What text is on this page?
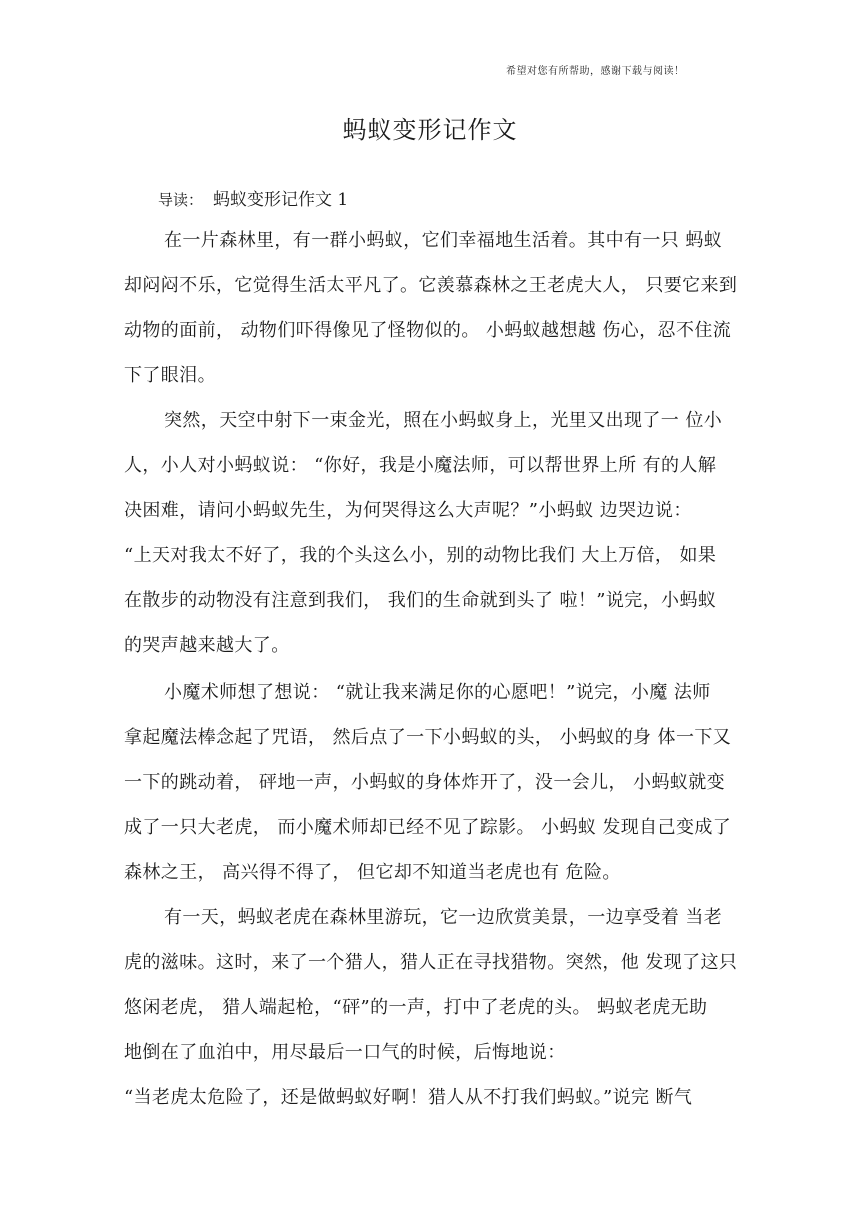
希望对您有所帮助，感谢下载与阅读！
蚂蚁变形记作文
导读： 蚂蚁变形记作文 1
在一片森林里，有一群小蚂蚁，它们幸福地生活着。其中有一只 蚂蚁
却闷闷不乐，它觉得生活太平凡了。它羡慕森林之王老虎大人， 只要它来到
动物的面前， 动物们吓得像见了怪物似的。 小蚂蚁越想越 伤心，忍不住流
下了眼泪。
突然，天空中射下一束金光，照在小蚂蚁身上，光里又出现了一 位小
人，小人对小蚂蚁说： “你好，我是小魔法师，可以帮世界上所 有的人解
决困难，请问小蚂蚁先生，为何哭得这么大声呢？”小蚂蚁 边哭边说：
“上天对我太不好了，我的个头这么小，别的动物比我们 大上万倍， 如果
在散步的动物没有注意到我们， 我们的生命就到头了 啦！”说完，小蚂蚁
的哭声越来越大了。
小魔术师想了想说： “就让我来满足你的心愿吧！”说完，小魔 法师
拿起魔法棒念起了咒语， 然后点了一下小蚂蚁的头， 小蚂蚁的身 体一下又
一下的跳动着， 砰地一声，小蚂蚁的身体炸开了，没一会儿， 小蚂蚁就变
成了一只大老虎， 而小魔术师却已经不见了踪影。 小蚂蚁 发现自己变成了
森林之王， 高兴得不得了， 但它却不知道当老虎也有 危险。
有一天，蚂蚁老虎在森林里游玩，它一边欣赏美景，一边享受着 当老
虎的滋味。这时，来了一个猎人，猎人正在寻找猎物。突然，他 发现了这只
悠闲老虎， 猎人端起枪，“砰”的一声，打中了老虎的头。 蚂蚁老虎无助
地倒在了血泊中，用尽最后一口气的时候，后悔地说：
“当老虎太危险了，还是做蚂蚁好啊！猎人从不打我们蚂蚁。”说完 断气
